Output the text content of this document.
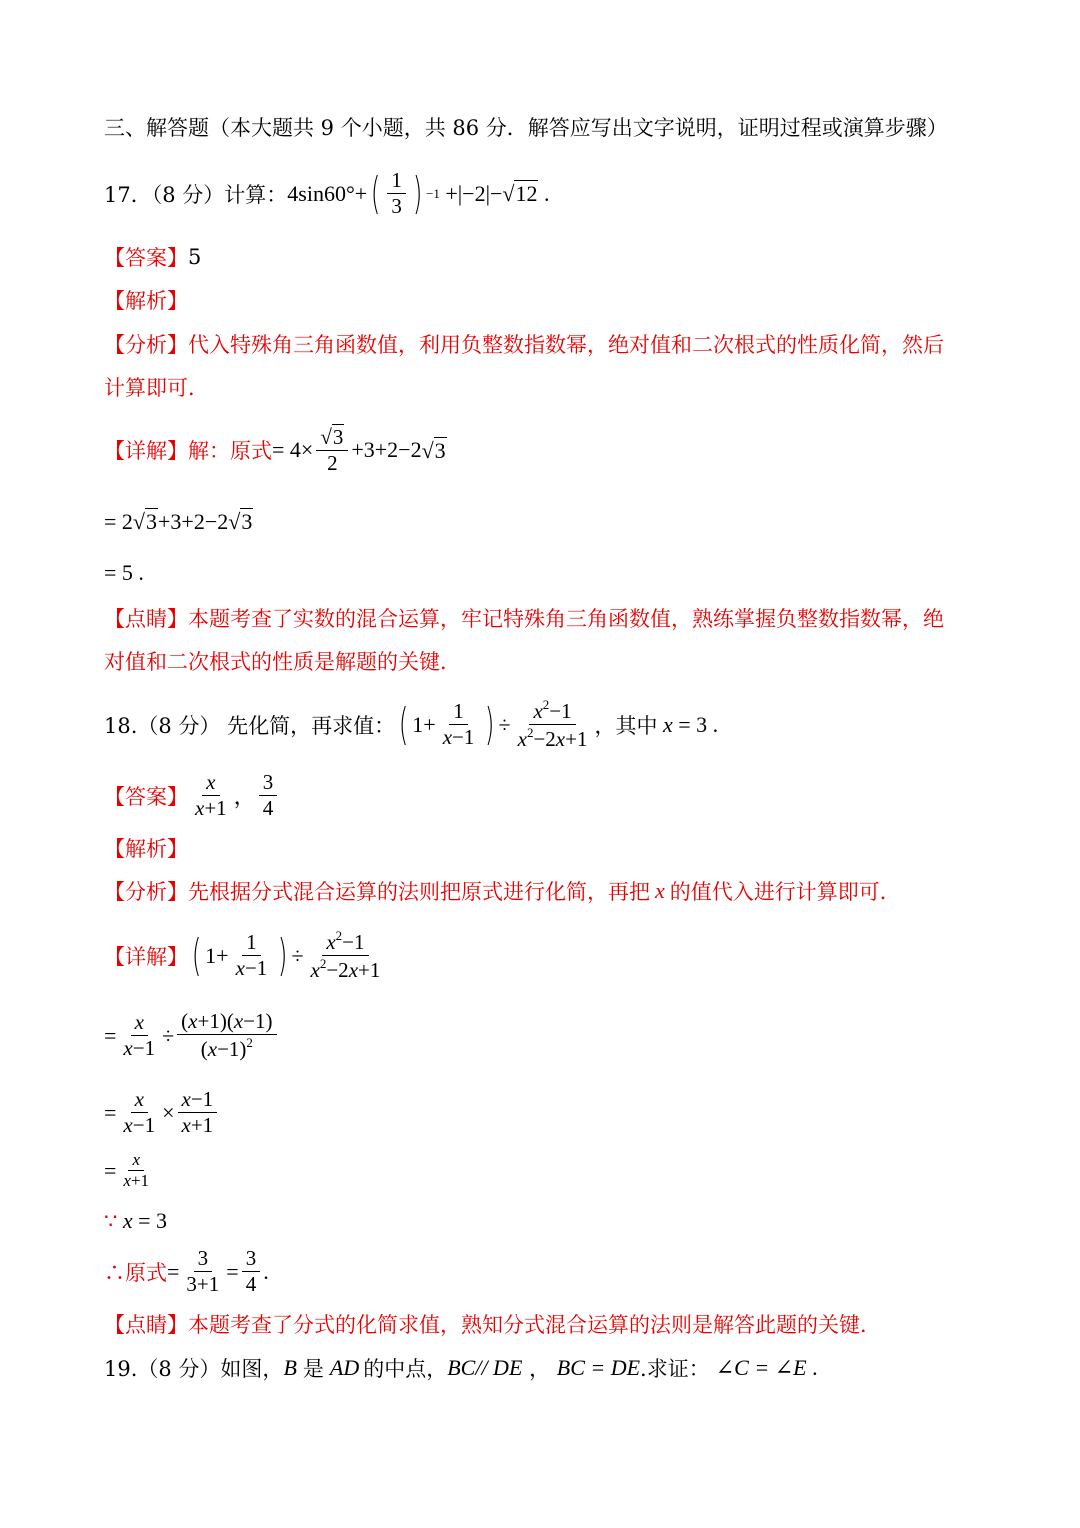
三、解答题（本大题共 9 个小题，共 86 分．解答应写出文字说明，证明过程或演算步骤）
17．（8 分）计算： 4sin60°+ ( $\frac{1}{3}$ ) −1 +|−2|− √ 12 .
【答案】 5
【解析】
【分析】 代入特殊角三角函数值，利用负整数指数幂，绝对值和二次根式的性质化简，然后
计算即可．
【详解】 解：原式 = $4\times \frac{√ 3}{2} +3+2-2$ √ 3
= 2 √ 3 +3+2−2 √ 3
= 5 .
【点睛】 本题考查了实数的混合运算，牢记特殊角三角函数值，熟练掌握负整数指数幂，绝
对值和二次根式的性质是解题的关键．
18.（8 分） 先化简，再求值： ( $1+ \frac{1}{x-1}$ ) ÷ $\frac{x^2-1}{x^2-2x+1}$ ，其中 x = 3 .
【答案】 $\frac{x}{x+1}$ ， $\frac{3}{4}$
【解析】
【分析】 先根据分式混合运算的法则把原式进行化简，再把 x 的值代入进行计算即可．
【详解】 ( $1+ \frac{1}{x-1}$ ) ÷ $\frac{x^2-1}{x^2-2x+1}$
= $\frac{x}{x-1} \div \frac{(x+1)(x-1)}{(x-1)^2}$
= $\frac{x}{x-1} \times \frac{x-1}{x+1}$
= $\frac{x}{x+1}$
∵ x = 3
∴原式 = $\frac{3}{3+1} = \frac{3}{4}$ .
【点睛】 本题考查了分式的化简求值，熟知分式混合运算的法则是解答此题的关键．
19.（8 分）如图， B 是 AD 的中点， BC// DE ， BC = DE .求证： ∠C = ∠E .
